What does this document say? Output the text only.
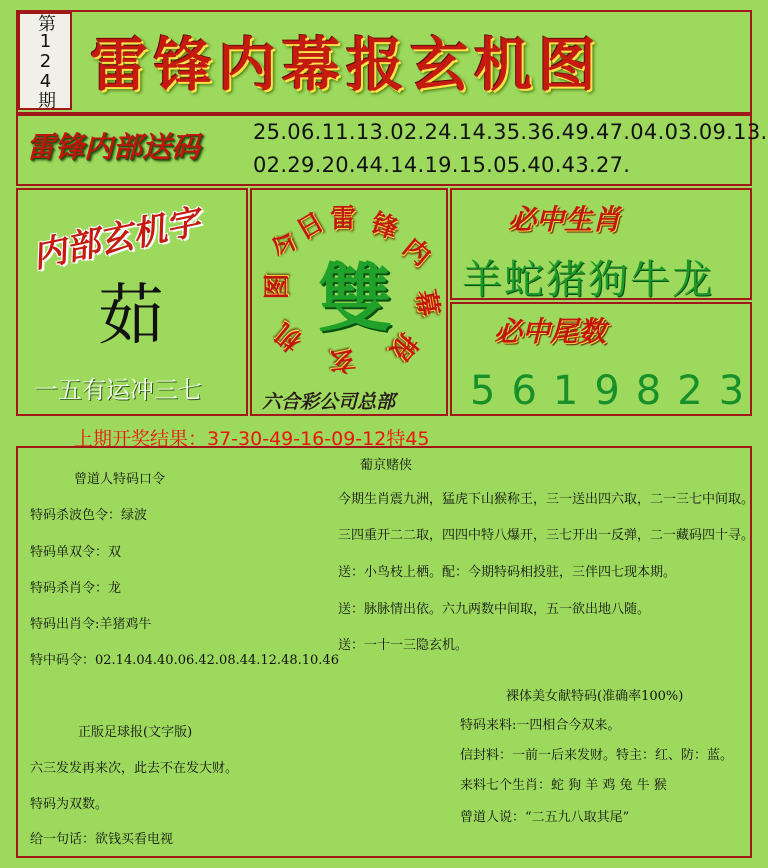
第124期 雷锋内幕报玄机图
雷锋内部送码	25.06.11.13.02.24.14.35.36.49.47.04.03.09.13.
02.29.20.44.14.19.15.05.40.43.27.
内部玄机字
茹
一五有运冲三七
雷 锋
内
幕
报
玄
机
图
今
日
雙
六合彩公司总部
必中生肖
羊蛇猪狗牛龙
必中尾数
5619823
上期开奖结果：37-30-49-16-09-12特45
曾道人特码口令
特码杀波色令：绿波
特码单双令：双
特码杀肖令：龙
特码出肖令:羊猪鸡牛
特中码令：02.14.04.40.06.42.08.44.12.48.10.46
正版足球报(文字版)
六三发发再来次，此去不在发大财。
特码为双数。
给一句话：欲钱买看电视
葡京赌侠
今期生肖震九洲，猛虎下山猴称王，三一送出四六取，二一三七中间取。
三四重开二二取，四四中特八爆开，三七开出一反弹，二一藏码四十寻。
送：小鸟枝上栖。配：今期特码相投驻，三伴四七现本期。
送：脉脉情出依。六九两数中间取，五一欲出地八随。
送：一十一三隐玄机。
裸体美女献特码(准确率100%)
特码来料:一四相合今双来。
信封料：一前一后来发财。特主：红、防：蓝。
来料七个生肖：蛇 狗 羊 鸡 兔 牛 猴
曾道人说：“二五九八取其尾”
